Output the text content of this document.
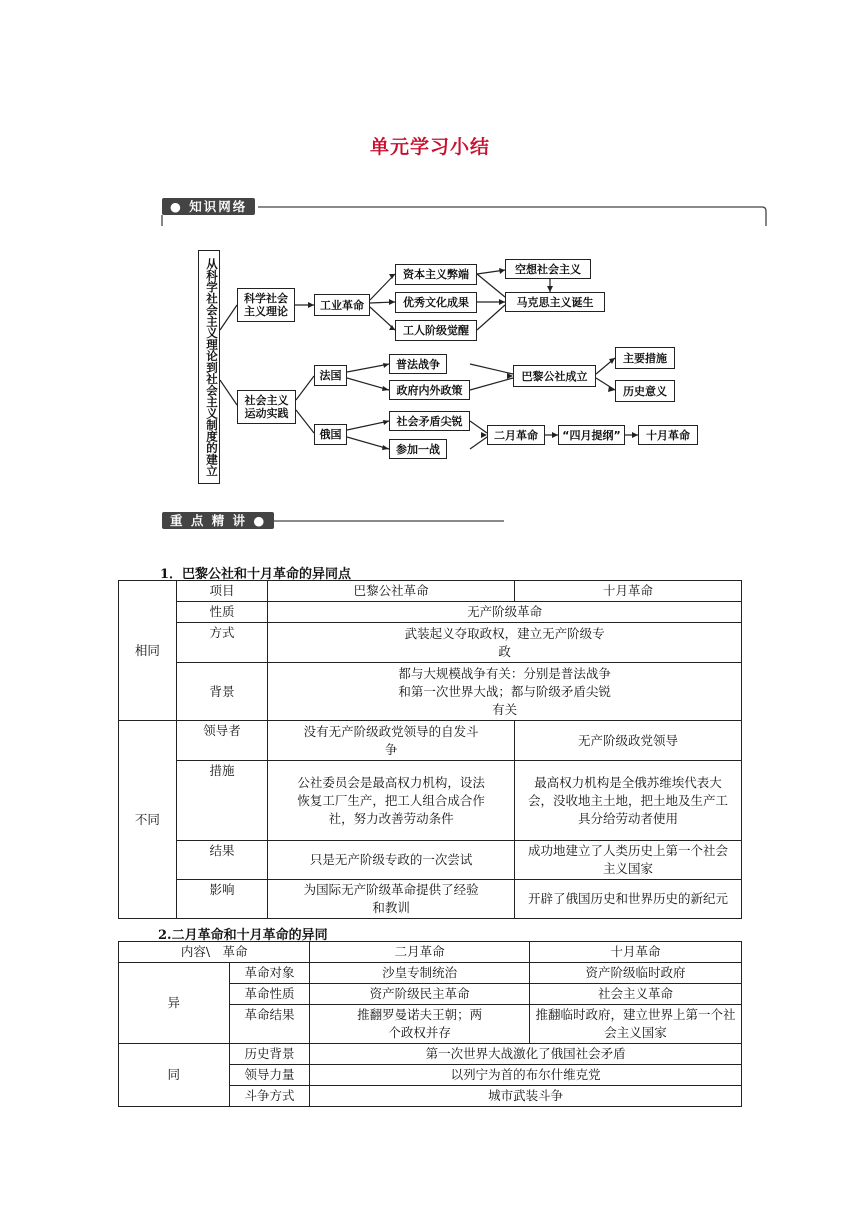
单元学习小结
● 知识网络
从科学社会主义理论到社会主义制度的建立 科学社会主义理论	工业革命
资本主义弊端
优秀文化成果
工人阶级觉醒
空想社会主义
马克思主义诞生
社会主义运动实践
法国
普法战争
政府内外政策
巴黎公社成立
主要措施
历史意义
俄国
社会矛盾尖锐
参加一战
二月革命	“四月提纲”	十月革命
重 点 精 讲 ●
1．巴黎公社和十月革命的异同点
相同	项目	巴黎公社革命	十月革命
	性质	无产阶级革命	
	方式	武装起义夺取政权，建立无产阶级专政	

	背景	都与大规模战争有关：分别是普法战争和第一次世界大战；都与阶级矛盾尖锐有关	

不同	领导者	没有无产阶级政党领导的自发斗争	无产阶级政党领导
	措施	公社委员会是最高权力机构，设法恢复工厂生产，把工人组合成合作社，努力改善劳动条件	最高权力机构是全俄苏维埃代表大会，没收地主土地，把土地及生产工具分给劳动者使用

	结果	只是无产阶级专政的一次尝试	成功地建立了人类历史上第一个社会主义国家

	影响	为国际无产阶级革命提供了经验和教训	开辟了俄国历史和世界历史的新纪元
2.二月革命和十月革命的异同
内容\　革命		二月革命	十月革命
异	革命对象	沙皇专制统治	资产阶级临时政府
	革命性质	资产阶级民主革命	社会主义革命
	革命结果	推翻罗曼诺夫王朝；两个政权并存	推翻临时政府，建立世界上第一个社会主义国家

同	历史背景	第一次世界大战激化了俄国社会矛盾	
	领导力量	以列宁为首的布尔什维克党	
	斗争方式	城市武装斗争	
